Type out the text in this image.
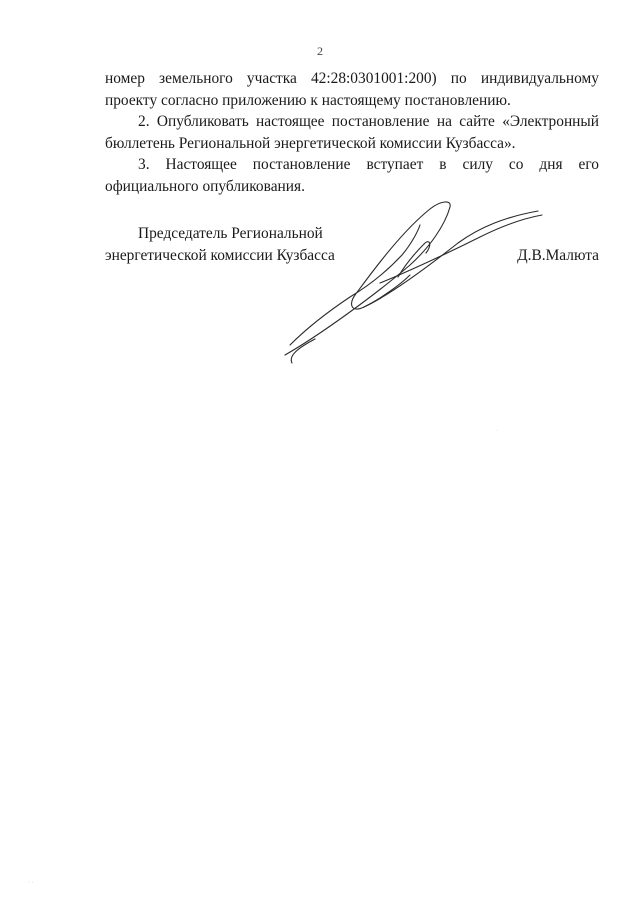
2

номер земельного участка 42:28:0301001:200) по индивидуальному проекту согласно приложению к настоящему постановлению.

2. Опубликовать настоящее постановление на сайте «Электронный бюллетень Региональной энергетической комиссии Кузбасса».

3. Настоящее постановление вступает в силу со дня его официального опубликования.

Председатель Региональной
энергетической комиссии Кузбасса	Д.В.Малюта
· ·
·
